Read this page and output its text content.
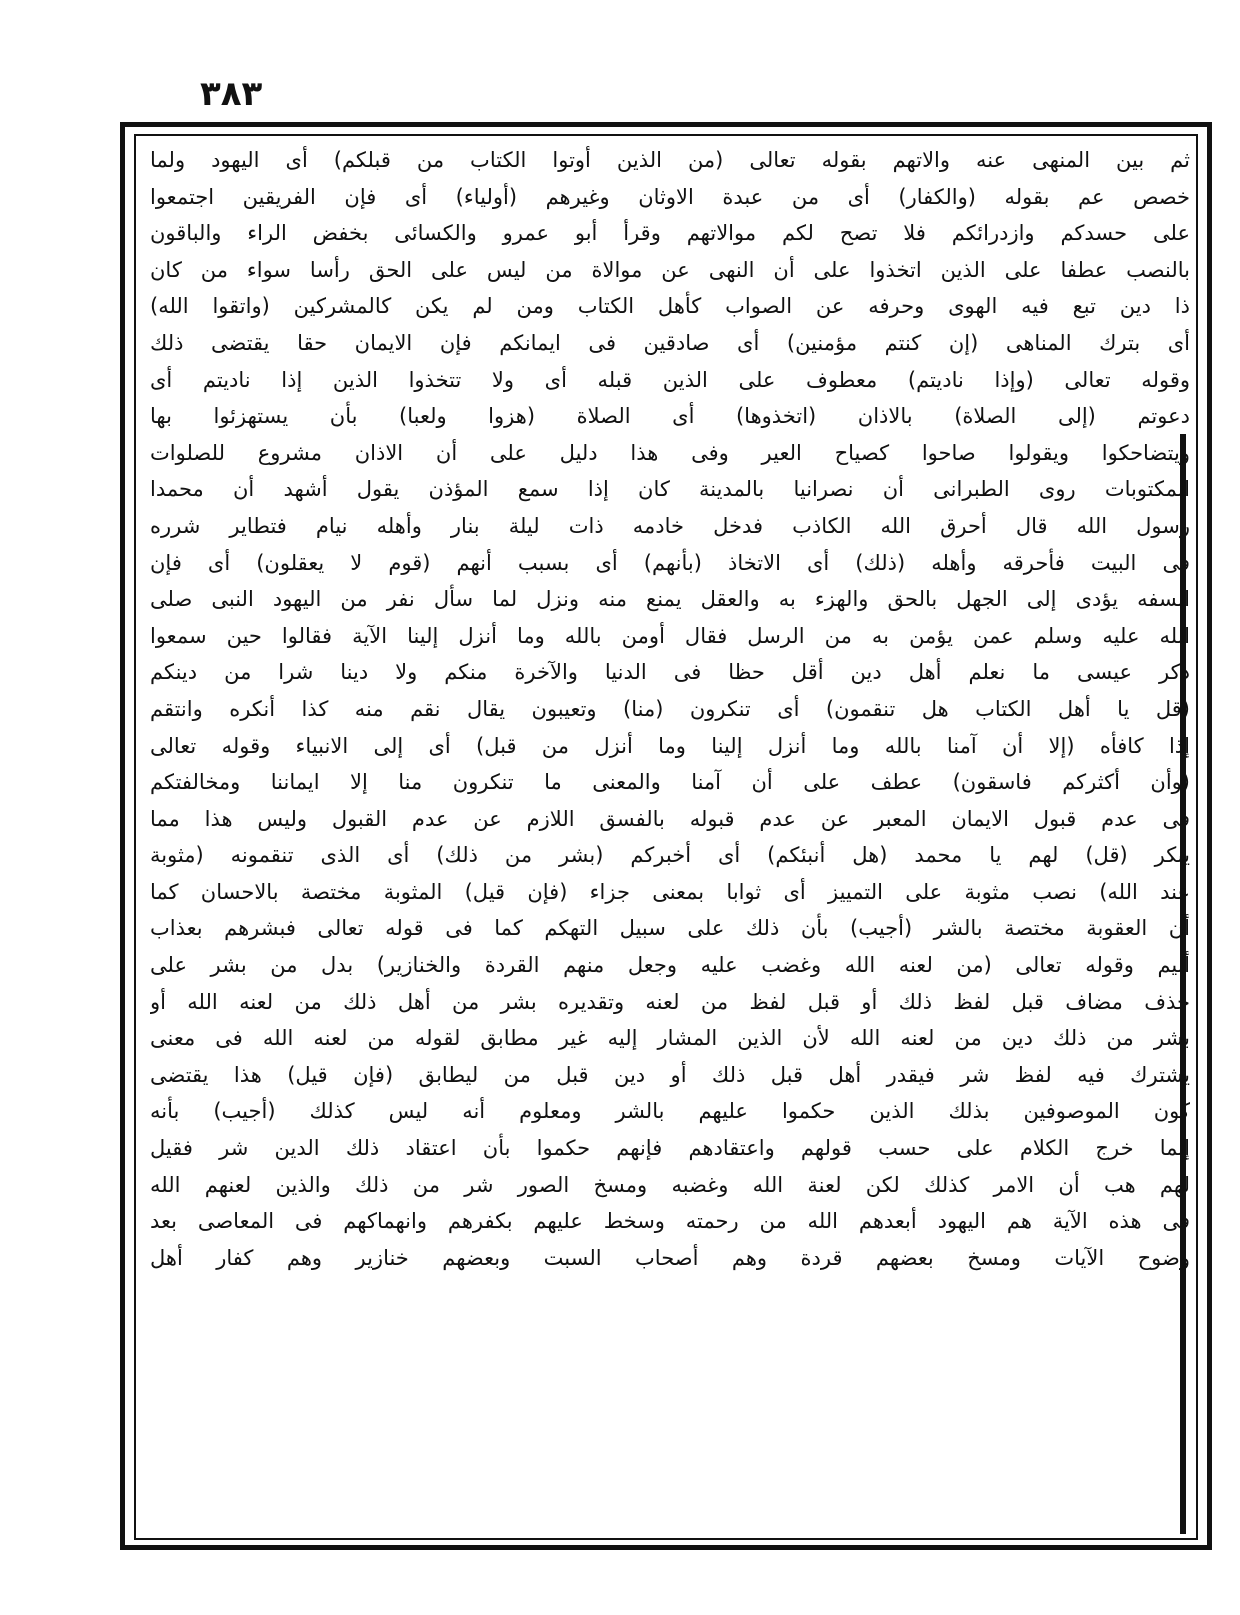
٣٨٣
ثم بين المنهى عنه والاتهم بقوله تعالى (من الذين أوتوا الكتاب من قبلكم) أى اليهود ولما
خصص عم بقوله (والكفار) أى من عبدة الاوثان وغيرهم (أولياء) أى فإن الفريقين اجتمعوا
على حسدكم وازدرائكم فلا تصح لكم موالاتهم وقرأ أبو عمرو والكسائى بخفض الراء والباقون
بالنصب عطفا على الذين اتخذوا على أن النهى عن موالاة من ليس على الحق رأسا سواء من كان
ذا دين تبع فيه الهوى وحرفه عن الصواب كأهل الكتاب ومن لم يكن كالمشركين (واتقوا الله)
أى بترك المناهى (إن كنتم مؤمنين) أى صادقين فى ايمانكم فإن الايمان حقا يقتضى ذلك
وقوله تعالى (وإذا ناديتم) معطوف على الذين قبله أى ولا تتخذوا الذين إذا ناديتم أى
دعوتم (إلى الصلاة) بالاذان (اتخذوها) أى الصلاة (هزوا ولعبا) بأن يستهزئوا بها
ويتضاحكوا ويقولوا صاحوا كصياح العير وفى هذا دليل على أن الاذان مشروع للصلوات
المكتوبات روى الطبرانى أن نصرانيا بالمدينة كان إذا سمع المؤذن يقول أشهد أن محمدا
رسول الله قال أحرق الله الكاذب فدخل خادمه ذات ليلة بنار وأهله نيام فتطاير شرره
فى البيت فأحرقه وأهله (ذلك) أى الاتخاذ (بأنهم) أى بسبب أنهم (قوم لا يعقلون) أى فإن
السفه يؤدى إلى الجهل بالحق والهزء به والعقل يمنع منه ونزل لما سأل نفر من اليهود النبى صلى
الله عليه وسلم عمن يؤمن به من الرسل فقال أومن بالله وما أنزل إلينا الآية فقالوا حين سمعوا
ذكر عيسى ما نعلم أهل دين أقل حظا فى الدنيا والآخرة منكم ولا دينا شرا من دينكم
(قل يا أهل الكتاب هل تنقمون) أى تنكرون (منا) وتعيبون يقال نقم منه كذا أنكره وانتقم
إذا كافأه (إلا أن آمنا بالله وما أنزل إلينا وما أنزل من قبل) أى إلى الانبياء وقوله تعالى
(وأن أكثركم فاسقون) عطف على أن آمنا والمعنى ما تنكرون منا إلا ايماننا ومخالفتكم
فى عدم قبول الايمان المعبر عن عدم قبوله بالفسق اللازم عن عدم القبول وليس هذا مما
ينكر (قل) لهم يا محمد (هل أنبئكم) أى أخبركم (بشر من ذلك) أى الذى تنقمونه (مثوبة
عند الله) نصب مثوبة على التمييز أى ثوابا بمعنى جزاء (فإن قيل) المثوبة مختصة بالاحسان كما
أن العقوبة مختصة بالشر (أجيب) بأن ذلك على سبيل التهكم كما فى قوله تعالى فبشرهم بعذاب
أليم وقوله تعالى (من لعنه الله وغضب عليه وجعل منهم القردة والخنازير) بدل من بشر على
حذف مضاف قبل لفظ ذلك أو قبل لفظ من لعنه وتقديره بشر من أهل ذلك من لعنه الله أو
بشر من ذلك دين من لعنه الله لأن الذين المشار إليه غير مطابق لقوله من لعنه الله فى معنى
يشترك فيه لفظ شر فيقدر أهل قبل ذلك أو دين قبل من ليطابق (فإن قيل) هذا يقتضى
كون الموصوفين بذلك الذين حكموا عليهم بالشر ومعلوم أنه ليس كذلك (أجيب) بأنه
إنما خرج الكلام على حسب قولهم واعتقادهم فإنهم حكموا بأن اعتقاد ذلك الدين شر فقيل
لهم هب أن الامر كذلك لكن لعنة الله وغضبه ومسخ الصور شر من ذلك والذين لعنهم الله
فى هذه الآية هم اليهود أبعدهم الله من رحمته وسخط عليهم بكفرهم وانهماكهم فى المعاصى بعد
وضوح الآيات ومسخ بعضهم قردة وهم أصحاب السبت وبعضهم خنازير وهم كفار أهل
